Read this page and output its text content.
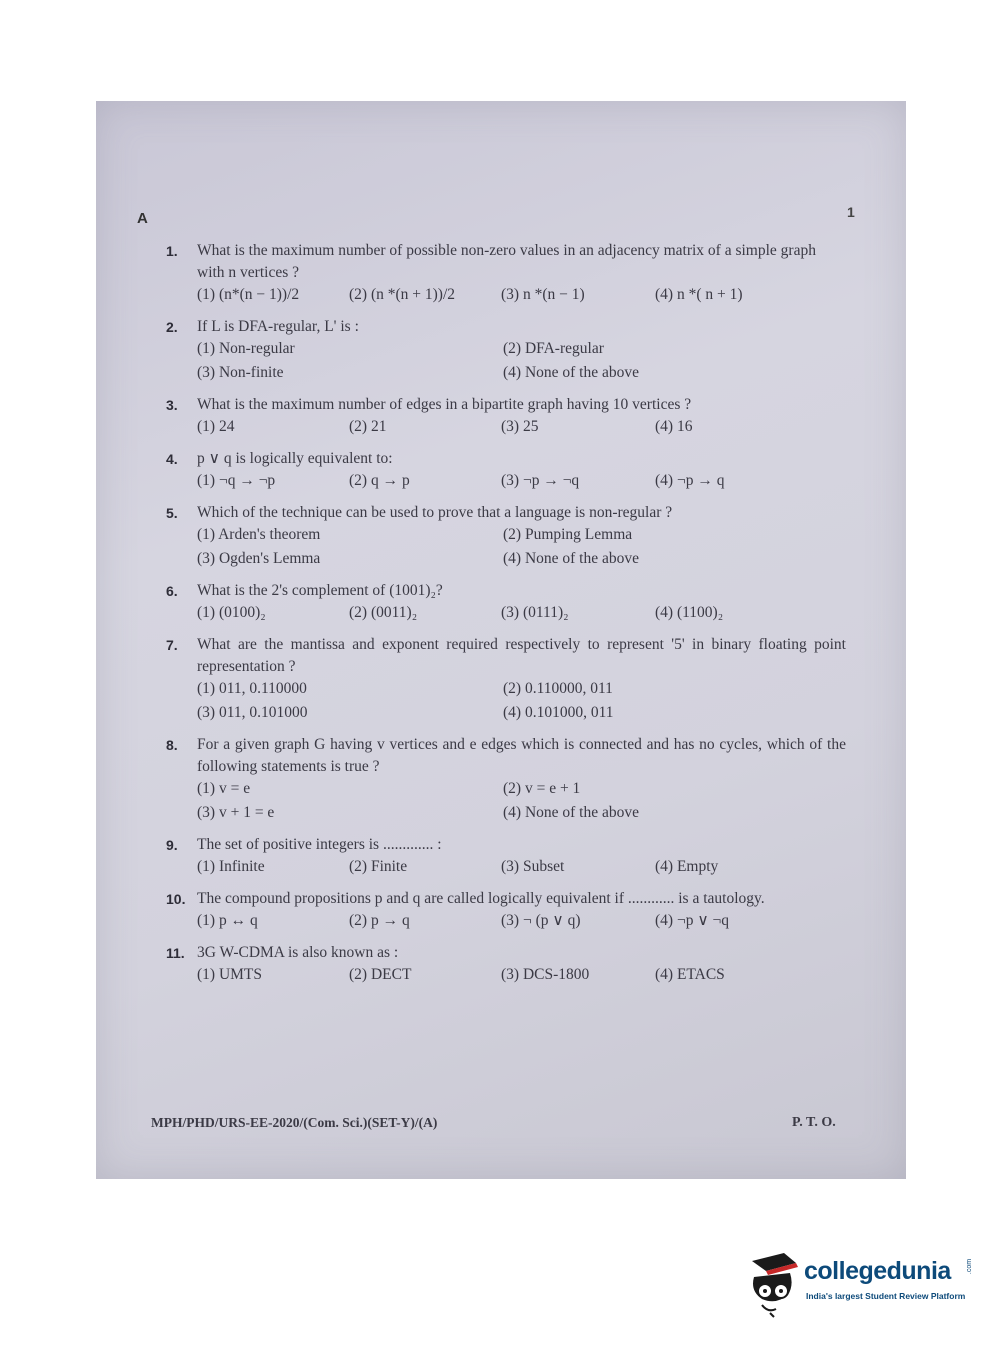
A	1
1.	What is the maximum number of possible non-zero values in an adjacency matrix of a simple graph with n vertices ?
(1) (n*(n − 1))/2	(2) (n *(n + 1))/2	(3) n *(n − 1)	(4) n *( n + 1)
2.	If L is DFA-regular, L' is :
(1) Non-regular	(2) DFA-regular
(3) Non-finite	(4) None of the above
3.	What is the maximum number of edges in a bipartite graph having 10 vertices ?
(1) 24	(2) 21	(3) 25	(4) 16
4.	p ∨ q is logically equivalent to:
(1) ¬q → ¬p	(2) q → p	(3) ¬p → ¬q	(4) ¬p → q
5.	Which of the technique can be used to prove that a language is non-regular ?
(1) Arden's theorem	(2) Pumping Lemma
(3) Ogden's Lemma	(4) None of the above
6.	What is the 2's complement of (1001)₂?
(1) (0100)₂	(2) (0011)₂	(3) (0111)₂	(4) (1100)₂
7.	What are the mantissa and exponent required respectively to represent '5' in binary floating point representation ?
(1) 011, 0.110000	(2) 0.110000, 011
(3) 011, 0.101000	(4) 0.101000, 011
8.	For a given graph G having v vertices and e edges which is connected and has no cycles, which of the following statements is true ?
(1) v = e	(2) v = e + 1
(3) v + 1 = e	(4) None of the above
9.	The set of positive integers is ............. :
(1) Infinite	(2) Finite	(3) Subset	(4) Empty
10. The compound propositions p and q are called logically equivalent if ............ is a tautology.
(1) p ↔ q	(2) p → q	(3) ¬ (p ∨ q)	(4) ¬p ∨ ¬q
11. 3G W-CDMA is also known as :
(1) UMTS	(2) DECT	(3) DCS-1800	(4) ETACS
MPH/PHD/URS-EE-2020/(Com. Sci.)(SET-Y)/(A)	P. T. O.
collegedunia .com
India's largest Student Review Platform
